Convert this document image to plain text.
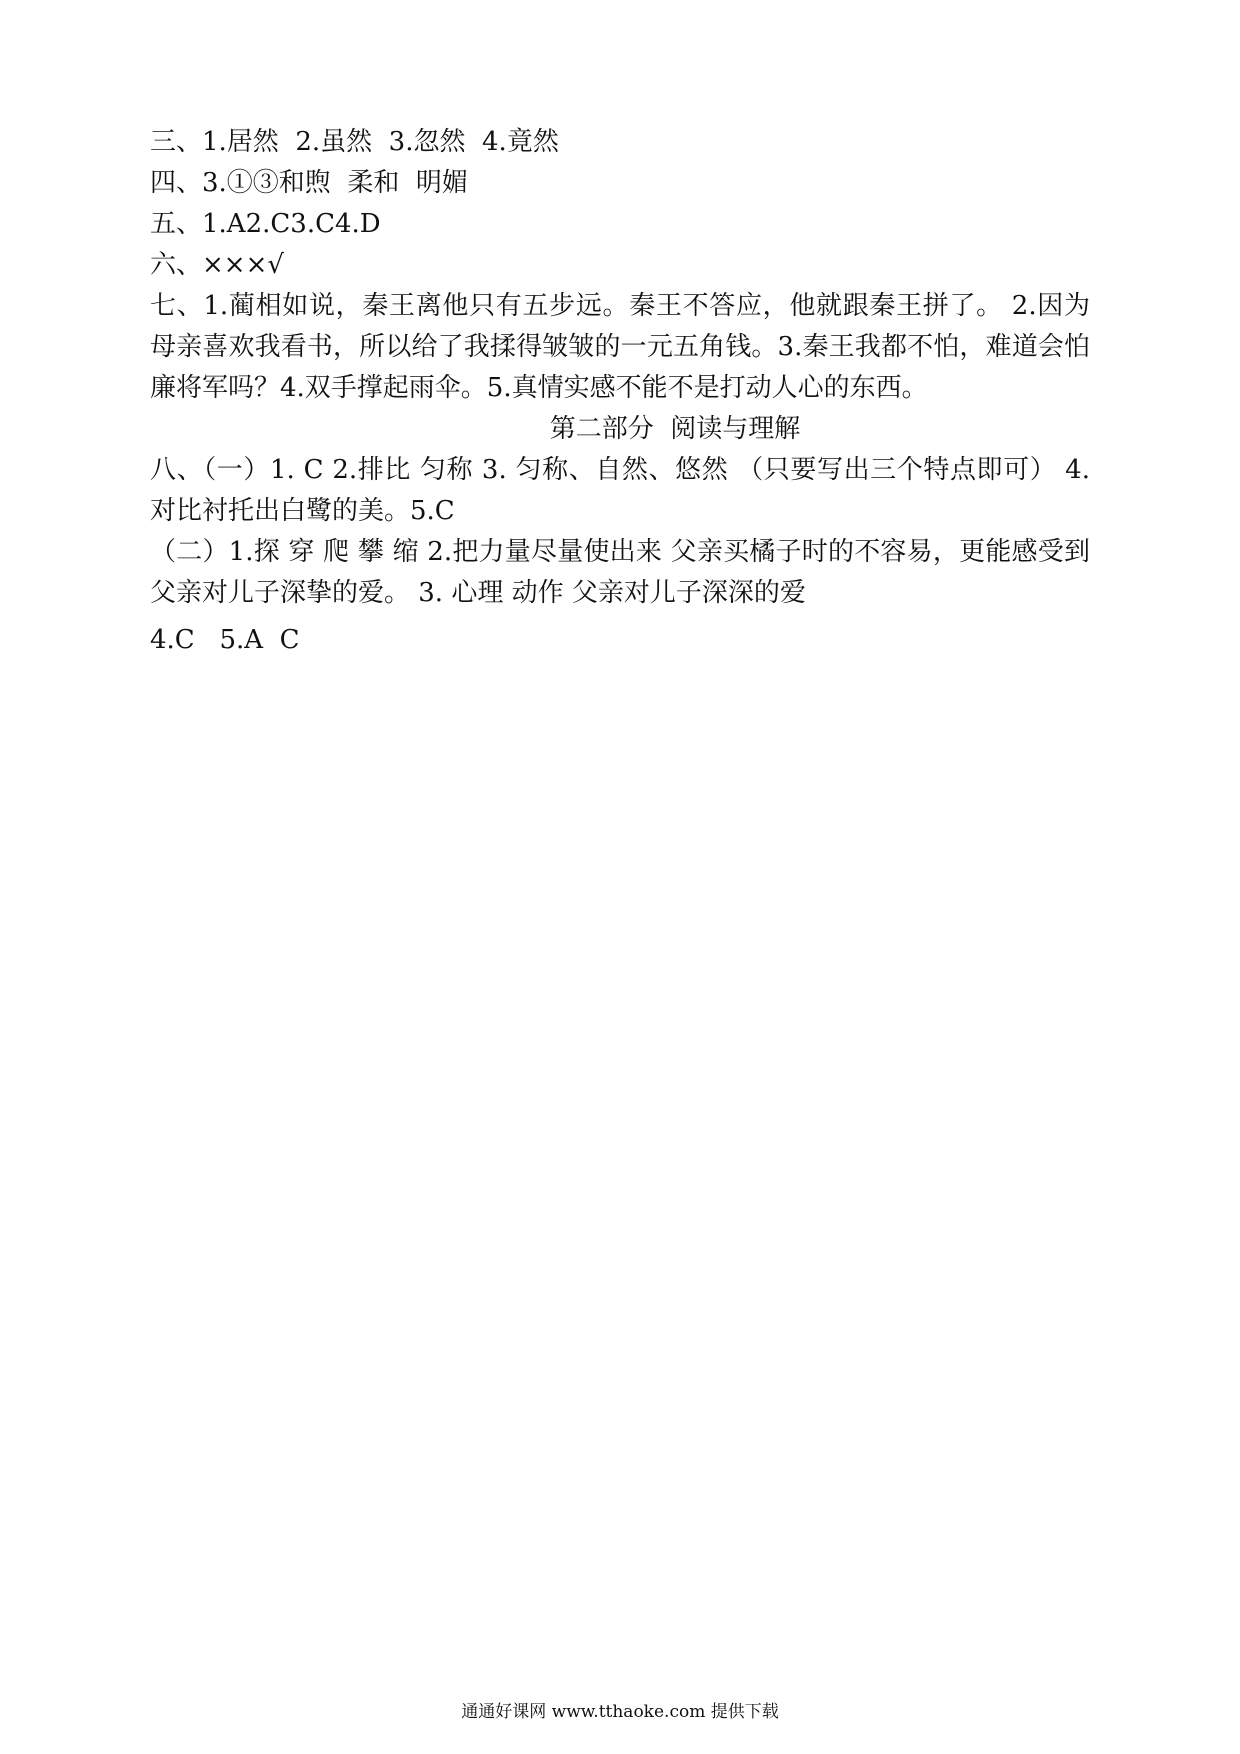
三、1.居然  2.虽然  3.忽然  4.竟然
四、3.①③和煦  柔和  明媚
五、1.A2.C3.C4.D
六、×××√
七、1.蔺相如说，秦王离他只有五步远。秦王不答应，他就跟秦王拼了。 2.因为母亲喜欢我看书，所以给了我揉得皱皱的一元五角钱。3.秦王我都不怕，难道会怕廉将军吗？4.双手撑起雨伞。5.真情实感不能不是打动人心的东西。
第二部分  阅读与理解
八、（一）1. C 2.排比 匀称 3. 匀称、自然、悠然 （只要写出三个特点即可） 4. 对比衬托出白鹭的美。5.C
（二）1.探 穿 爬 攀 缩 2.把力量尽量使出来 父亲买橘子时的不容易，更能感受到父亲对儿子深挚的爱。 3. 心理 动作 父亲对儿子深深的爱
4.C   5.A  C
通通好课网 www.tthaoke.com 提供下载
